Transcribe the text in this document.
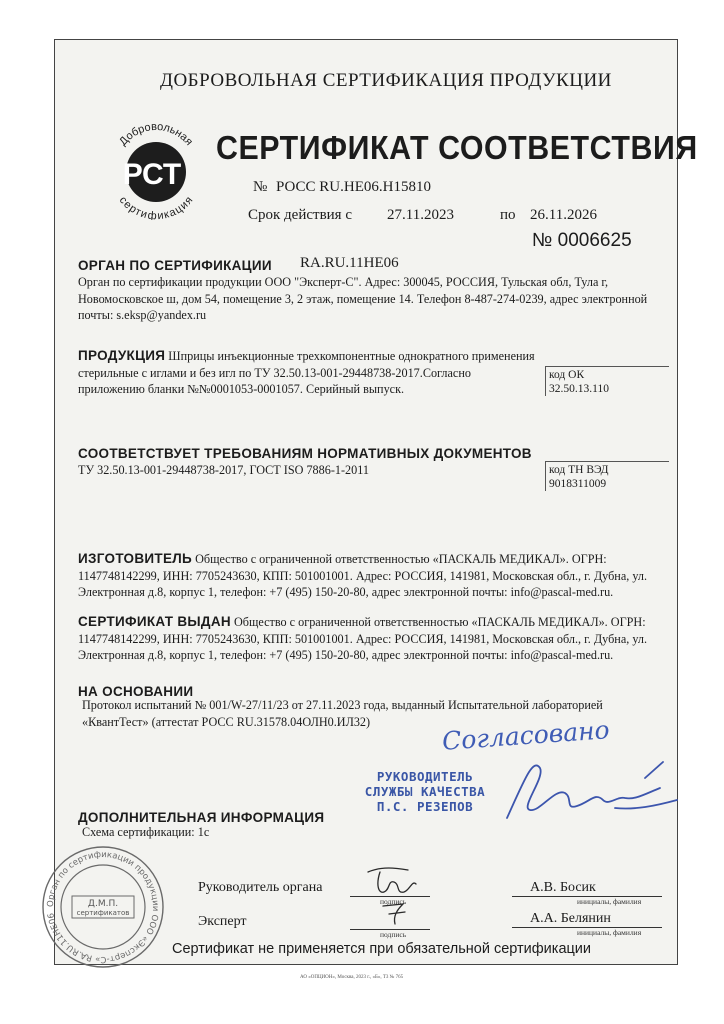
ДОБРОВОЛЬНАЯ СЕРТИФИКАЦИЯ ПРОДУКЦИИ
Добровольная
сертификация
РСТ
СЕРТИФИКАТ СООТВЕТСТВИЯ
№ РОСС RU.HE06.H15810
Срок действия с 27.11.2023	по 26.11.2026
№ 0006625
ОРГАН ПО СЕРТИФИКАЦИИ RA.RU.11HE06
Орган по сертификации продукции ООО "Эксперт-С". Адрес: 300045, РОССИЯ, Тульская обл, Тула г, Новомосковское ш, дом 54, помещение 3, 2 этаж, помещение 14. Телефон 8-487-274-0239, адрес электронной почты: s.eksp@yandex.ru
ПРОДУКЦИЯ Шприцы инъекционные трехкомпонентные однократного применения стерильные с иглами и без игл по ТУ 32.50.13-001-29448738-2017.Согласно приложению бланки №№0001053-0001057. Серийный выпуск.
код ОК
32.50.13.110
СООТВЕТСТВУЕТ ТРЕБОВАНИЯМ НОРМАТИВНЫХ ДОКУМЕНТОВ
ТУ 32.50.13-001-29448738-2017, ГОСТ ISO 7886-1-2011	код ТН ВЭД
9018311009
ИЗГОТОВИТЕЛЬ Общество с ограниченной ответственностью «ПАСКАЛЬ МЕДИКАЛ». ОГРН: 1147748142299, ИНН: 7705243630, КПП: 501001001. Адрес: РОССИЯ, 141981, Московская обл., г. Дубна, ул. Электронная д.8, корпус 1, телефон: +7 (495) 150-20-80, адрес электронной почты: info@pascal-med.ru.
СЕРТИФИКАТ ВЫДАН Общество с ограниченной ответственностью «ПАСКАЛЬ МЕДИКАЛ». ОГРН: 1147748142299, ИНН: 7705243630, КПП: 501001001. Адрес: РОССИЯ, 141981, Московская обл., г. Дубна, ул. Электронная д.8, корпус 1, телефон: +7 (495) 150-20-80, адрес электронной почты: info@pascal-med.ru.
НА ОСНОВАНИИ
Протокол испытаний № 001/W-27/11/23 от 27.11.2023 года, выданный Испытательной лабораторией «КвантТест» (аттестат РОСС RU.31578.04ОЛН0.ИЛ32)	Согласовано
РУКОВОДИТЕЛЬ
СЛУЖБЫ КАЧЕСТВА
П.С. РЕЗЕПОВ
ДОПОЛНИТЕЛЬНАЯ ИНФОРМАЦИЯ
Схема сертификации: 1с
Орган по сертификации продукции ООО «Эксперт-С» RA.RU.11HE06
Д.М.П.
сертификатов
Руководитель органа
подпись
А.В. Босик
инициалы, фамилия
Эксперт
подпись
А.А. Белянин
инициалы, фамилия
Сертификат не применяется при обязательной сертификации
АО «ОПЦИОН», Москва, 2023 г., «Б», Т3 № 765
